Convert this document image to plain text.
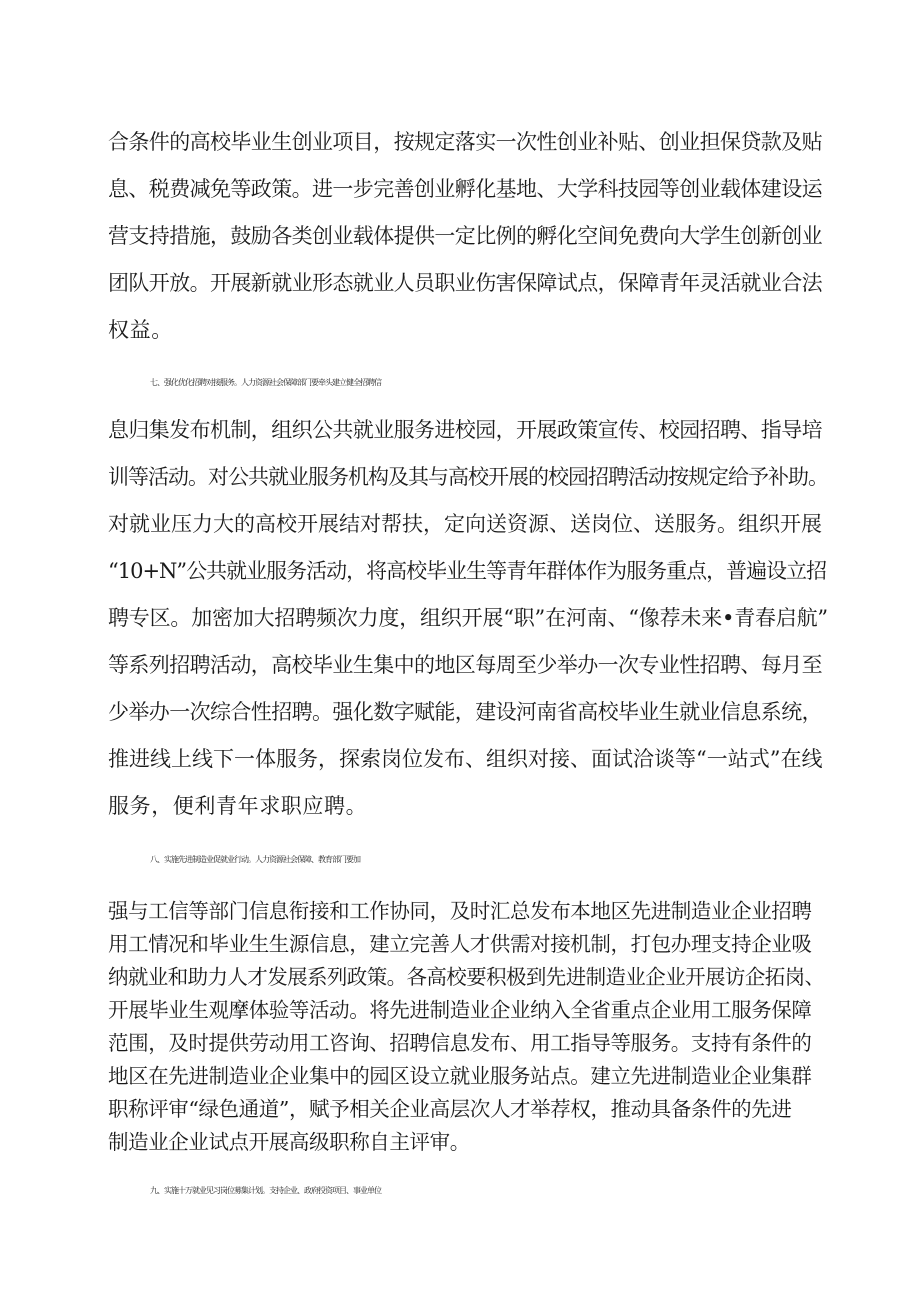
合条件的高校毕业生创业项目，按规定落实一次性创业补贴、创业担保贷款及贴
息、税费减免等政策。进一步完善创业孵化基地、大学科技园等创业载体建设运
营支持措施，鼓励各类创业载体提供一定比例的孵化空间免费向大学生创新创业
团队开放。开展新就业形态就业人员职业伤害保障试点，保障青年灵活就业合法
权益。
七、强化优化招聘对接服务。人力资源社会保障部门要牵头建立健全招聘信
息归集发布机制，组织公共就业服务进校园，开展政策宣传、校园招聘、指导培
训等活动。对公共就业服务机构及其与高校开展的校园招聘活动按规定给予补助。
对就业压力大的高校开展结对帮扶，定向送资源、送岗位、送服务。组织开展
“10+N”公共就业服务活动，将高校毕业生等青年群体作为服务重点，普遍设立招
聘专区。加密加大招聘频次力度，组织开展“职”在河南、“像荐未来•青春启航”
等系列招聘活动，高校毕业生集中的地区每周至少举办一次专业性招聘、每月至
少举办一次综合性招聘。强化数字赋能，建设河南省高校毕业生就业信息系统，
推进线上线下一体服务，探索岗位发布、组织对接、面试洽谈等“一站式”在线
服务，便利青年求职应聘。
八、实施先进制造业促就业行动。人力资源社会保障、教育部门要加
强与工信等部门信息衔接和工作协同，及时汇总发布本地区先进制造业企业招聘
用工情况和毕业生生源信息，建立完善人才供需对接机制，打包办理支持企业吸
纳就业和助力人才发展系列政策。各高校要积极到先进制造业企业开展访企拓岗、
开展毕业生观摩体验等活动。将先进制造业企业纳入全省重点企业用工服务保障
范围，及时提供劳动用工咨询、招聘信息发布、用工指导等服务。支持有条件的
地区在先进制造业企业集中的园区设立就业服务站点。建立先进制造业企业集群
职称评审“绿色通道”，赋予相关企业高层次人才举荐权，推动具备条件的先进
制造业企业试点开展高级职称自主评审。
九、实施十万就业见习岗位募集计划。支持企业、政府投资项目、事业单位
